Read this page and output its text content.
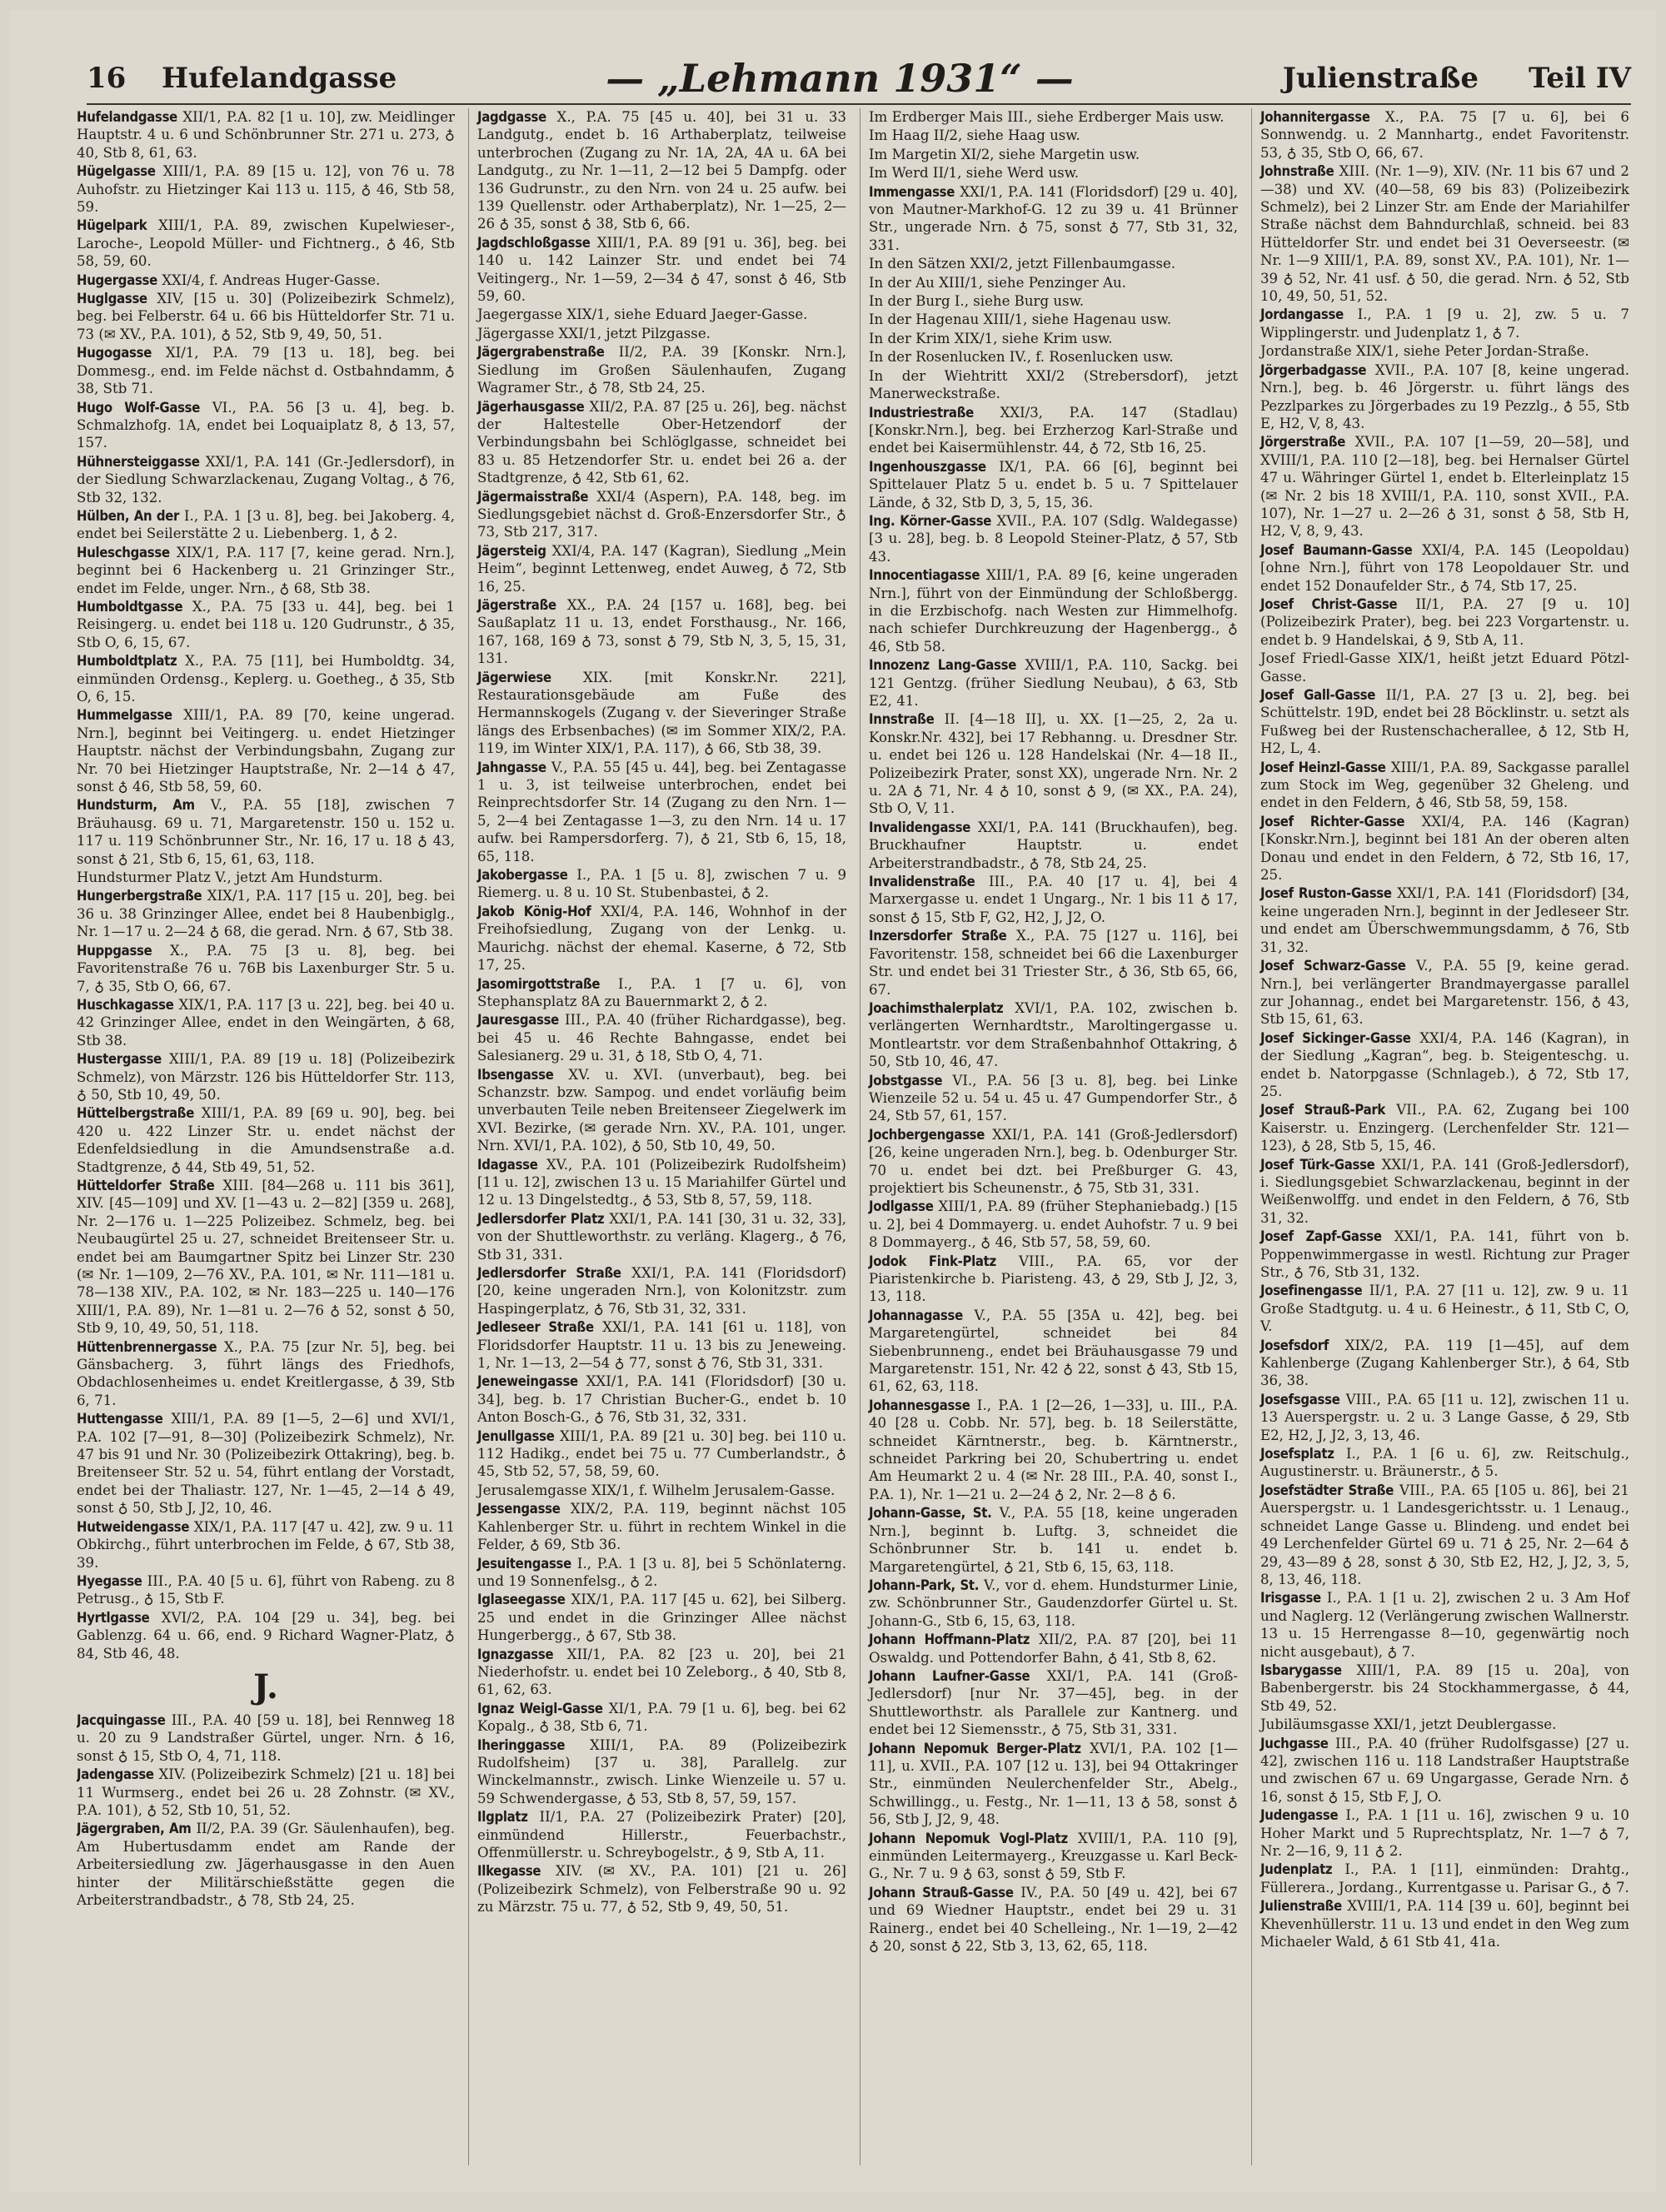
16	Hufelandgasse	— „Lehmann 1931“ —	Julienstraße Teil IV
Hufelandgasse XII/1, P.A. 82 [1 u. 10], zw. Meidlinger Hauptstr. 4 u. 6 und Schönbrunner Str. 271 u. 273, ♁ 40, Stb 8, 61, 63.
Hügelgasse XIII/1, P.A. 89 [15 u. 12], von 76 u. 78 Auhofstr. zu Hietzinger Kai 113 u. 115, ♁ 46, Stb 58, 59.
Hügelpark XIII/1, P.A. 89, zwischen Kupelwieser-, Laroche-, Leopold Müller- und Fichtnerg., ♁ 46, Stb 58, 59, 60.
Hugergasse XXI/4, f. Andreas Huger-Gasse.
Huglgasse XIV, [15 u. 30] (Polizeibezirk Schmelz), beg. bei Felberstr. 64 u. 66 bis Hütteldorfer Str. 71 u. 73 (✉ XV., P.A. 101), ♁ 52, Stb 9, 49, 50, 51.
Hugogasse XI/1, P.A. 79 [13 u. 18], beg. bei Dommesg., end. im Felde nächst d. Ostbahndamm, ♁ 38, Stb 71.
Hugo Wolf-Gasse VI., P.A. 56 [3 u. 4], beg. b. Schmalzhofg. 1A, endet bei Loquaiplatz 8, ♁ 13, 57, 157.
Hühnersteiggasse XXI/1, P.A. 141 (Gr.-Jedlersdorf), in der Siedlung Schwarzlackenau, Zugang Voltag., ♁ 76, Stb 32, 132.
Hülben, An der I., P.A. 1 [3 u. 8], beg. bei Jakoberg. 4, endet bei Seilerstätte 2 u. Liebenberg. 1, ♁ 2.
Huleschgasse XIX/1, P.A. 117 [7, keine gerad. Nrn.], beginnt bei 6 Hackenberg u. 21 Grinzinger Str., endet im Felde, unger. Nrn., ♁ 68, Stb 38.
Humboldtgasse X., P.A. 75 [33 u. 44], beg. bei 1 Reisingerg. u. endet bei 118 u. 120 Gudrunstr., ♁ 35, Stb O, 6, 15, 67.
Humboldtplatz X., P.A. 75 [11], bei Humboldtg. 34, einmünden Ordensg., Keplerg. u. Goetheg., ♁ 35, Stb O, 6, 15.
Hummelgasse XIII/1, P.A. 89 [70, keine ungerad. Nrn.], beginnt bei Veitingerg. u. endet Hietzinger Hauptstr. nächst der Verbindungsbahn, Zugang zur Nr. 70 bei Hietzinger Hauptstraße, Nr. 2—14 ♁ 47, sonst ♁ 46, Stb 58, 59, 60.
Hundsturm, Am V., P.A. 55 [18], zwischen 7 Bräuhausg. 69 u. 71, Margaretenstr. 150 u. 152 u. 117 u. 119 Schönbrunner Str., Nr. 16, 17 u. 18 ♁ 43, sonst ♁ 21, Stb 6, 15, 61, 63, 118.
Hundsturmer Platz V., jetzt Am Hundsturm.
Hungerbergstraße XIX/1, P.A. 117 [15 u. 20], beg. bei 36 u. 38 Grinzinger Allee, endet bei 8 Haubenbiglg., Nr. 1—17 u. 2—24 ♁ 68, die gerad. Nrn. ♁ 67, Stb 38.
Huppgasse X., P.A. 75 [3 u. 8], beg. bei Favoritenstraße 76 u. 76B bis Laxenburger Str. 5 u. 7, ♁ 35, Stb O, 66, 67.
Huschkagasse XIX/1, P.A. 117 [3 u. 22], beg. bei 40 u. 42 Grinzinger Allee, endet in den Weingärten, ♁ 68, Stb 38.
Hustergasse XIII/1, P.A. 89 [19 u. 18] (Polizeibezirk Schmelz), von Märzstr. 126 bis Hütteldorfer Str. 113, ♁ 50, Stb 10, 49, 50.
Hüttelbergstraße XIII/1, P.A. 89 [69 u. 90], beg. bei 420 u. 422 Linzer Str. u. endet nächst der Edenfeldsiedlung in die Amundsenstraße a.d. Stadtgrenze, ♁ 44, Stb 49, 51, 52.
Hütteldorfer Straße XIII. [84—268 u. 111 bis 361], XIV. [45—109] und XV. [1—43 u. 2—82] [359 u. 268], Nr. 2—176 u. 1—225 Polizeibez. Schmelz, beg. bei Neubaugürtel 25 u. 27, schneidet Breitenseer Str. u. endet bei am Baumgartner Spitz bei Linzer Str. 230 (✉ Nr. 1—109, 2—76 XV., P.A. 101, ✉ Nr. 111—181 u. 78—138 XIV., P.A. 102, ✉ Nr. 183—225 u. 140—176 XIII/1, P.A. 89), Nr. 1—81 u. 2—76 ♁ 52, sonst ♁ 50, Stb 9, 10, 49, 50, 51, 118.
Hüttenbrennergasse X., P.A. 75 [zur Nr. 5], beg. bei Gänsbacherg. 3, führt längs des Friedhofs, Obdachlosenheimes u. endet Kreitlergasse, ♁ 39, Stb 6, 71.
Huttengasse XIII/1, P.A. 89 [1—5, 2—6] und XVI/1, P.A. 102 [7—91, 8—30] (Polizeibezirk Schmelz), Nr. 47 bis 91 und Nr. 30 (Polizeibezirk Ottakring), beg. b. Breitenseer Str. 52 u. 54, führt entlang der Vorstadt, endet bei der Thaliastr. 127, Nr. 1—45, 2—14 ♁ 49, sonst ♁ 50, Stb J, J2, 10, 46.
Hutweidengasse XIX/1, P.A. 117 [47 u. 42], zw. 9 u. 11 Obkirchg., führt unterbrochen im Felde, ♁ 67, Stb 38, 39.
Hyegasse III., P.A. 40 [5 u. 6], führt von Rabeng. zu 8 Petrusg., ♁ 15, Stb F.
Hyrtlgasse XVI/2, P.A. 104 [29 u. 34], beg. bei Gablenzg. 64 u. 66, end. 9 Richard Wagner-Platz, ♁ 84, Stb 46, 48.
J.
Jacquingasse III., P.A. 40 [59 u. 18], bei Rennweg 18 u. 20 zu 9 Landstraßer Gürtel, unger. Nrn. ♁ 16, sonst ♁ 15, Stb O, 4, 71, 118.
Jadengasse XIV. (Polizeibezirk Schmelz) [21 u. 18] bei 11 Wurmserg., endet bei 26 u. 28 Zohnstr. (✉ XV., P.A. 101), ♁ 52, Stb 10, 51, 52.
Jägergraben, Am II/2, P.A. 39 (Gr. Säulenhaufen), beg. Am Hubertusdamm endet am Rande der Arbeitersiedlung zw. Jägerhausgasse in den Auen hinter der Militärschießstätte gegen die Arbeiterstrandbadstr., ♁ 78, Stb 24, 25.
Jagdgasse X., P.A. 75 [45 u. 40], bei 31 u. 33 Landgutg., endet b. 16 Arthaberplatz, teilweise unterbrochen (Zugang zu Nr. 1A, 2A, 4A u. 6A bei Landgutg., zu Nr. 1—11, 2—12 bei 5 Dampfg. oder 136 Gudrunstr., zu den Nrn. von 24 u. 25 aufw. bei 139 Quellenstr. oder Arthaberplatz), Nr. 1—25, 2—26 ♁ 35, sonst ♁ 38, Stb 6, 66.
Jagdschloßgasse XIII/1, P.A. 89 [91 u. 36], beg. bei 140 u. 142 Lainzer Str. und endet bei 74 Veitingerg., Nr. 1—59, 2—34 ♁ 47, sonst ♁ 46, Stb 59, 60.
Jaegergasse XIX/1, siehe Eduard Jaeger-Gasse.
Jägergasse XXI/1, jetzt Pilzgasse.
Jägergrabenstraße II/2, P.A. 39 [Konskr. Nrn.], Siedlung im Großen Säulenhaufen, Zugang Wagramer Str., ♁ 78, Stb 24, 25.
Jägerhausgasse XII/2, P.A. 87 [25 u. 26], beg. nächst der Haltestelle Ober-Hetzendorf der Verbindungsbahn bei Schlöglgasse, schneidet bei 83 u. 85 Hetzendorfer Str. u. endet bei 26 a. der Stadtgrenze, ♁ 42, Stb 61, 62.
Jägermaisstraße XXI/4 (Aspern), P.A. 148, beg. im Siedlungsgebiet nächst d. Groß-Enzersdorfer Str., ♁ 73, Stb 217, 317.
Jägersteig XXI/4, P.A. 147 (Kagran), Siedlung „Mein Heim“, beginnt Lettenweg, endet Auweg, ♁ 72, Stb 16, 25.
Jägerstraße XX., P.A. 24 [157 u. 168], beg. bei Saußaplatz 11 u. 13, endet Forsthausg., Nr. 166, 167, 168, 169 ♁ 73, sonst ♁ 79, Stb N, 3, 5, 15, 31, 131.
Jägerwiese XIX. [mit Konskr.Nr. 221], Restaurationsgebäude am Fuße des Hermannskogels (Zugang v. der Sieveringer Straße längs des Erbsenbaches) (✉ im Sommer XIX/2, P.A. 119, im Winter XIX/1, P.A. 117), ♁ 66, Stb 38, 39.
Jahngasse V., P.A. 55 [45 u. 44], beg. bei Zentagasse 1 u. 3, ist teilweise unterbrochen, endet bei Reinprechtsdorfer Str. 14 (Zugang zu den Nrn. 1—5, 2—4 bei Zentagasse 1—3, zu den Nrn. 14 u. 17 aufw. bei Rampersdorferg. 7), ♁ 21, Stb 6, 15, 18, 65, 118.
Jakobergasse I., P.A. 1 [5 u. 8], zwischen 7 u. 9 Riemerg. u. 8 u. 10 St. Stubenbastei, ♁ 2.
Jakob König-Hof XXI/4, P.A. 146, Wohnhof in der Freihofsiedlung, Zugang von der Lenkg. u. Maurichg. nächst der ehemal. Kaserne, ♁ 72, Stb 17, 25.
Jasomirgottstraße I., P.A. 1 [7 u. 6], von Stephansplatz 8A zu Bauernmarkt 2, ♁ 2.
Jauresgasse III., P.A. 40 (früher Richardgasse), beg. bei 45 u. 46 Rechte Bahngasse, endet bei Salesianerg. 29 u. 31, ♁ 18, Stb O, 4, 71.
Ibsengasse XV. u. XVI. (unverbaut), beg. bei Schanzstr. bzw. Sampog. und endet vorläufig beim unverbauten Teile neben Breitenseer Ziegelwerk im XVI. Bezirke, (✉ gerade Nrn. XV., P.A. 101, unger. Nrn. XVI/1, P.A. 102), ♁ 50, Stb 10, 49, 50.
Idagasse XV., P.A. 101 (Polizeibezirk Rudolfsheim) [11 u. 12], zwischen 13 u. 15 Mariahilfer Gürtel und 12 u. 13 Dingelstedtg., ♁ 53, Stb 8, 57, 59, 118.
Jedlersdorfer Platz XXI/1, P.A. 141 [30, 31 u. 32, 33], von der Shuttleworthstr. zu verläng. Klagerg., ♁ 76, Stb 31, 331.
Jedlersdorfer Straße XXI/1, P.A. 141 (Floridsdorf) [20, keine ungeraden Nrn.], von Kolonitzstr. zum Haspingerplatz, ♁ 76, Stb 31, 32, 331.
Jedleseer Straße XXI/1, P.A. 141 [61 u. 118], von Floridsdorfer Hauptstr. 11 u. 13 bis zu Jeneweing. 1, Nr. 1—13, 2—54 ♁ 77, sonst ♁ 76, Stb 31, 331.
Jeneweingasse XXI/1, P.A. 141 (Floridsdorf) [30 u. 34], beg. b. 17 Christian Bucher-G., endet b. 10 Anton Bosch-G., ♁ 76, Stb 31, 32, 331.
Jenullgasse XIII/1, P.A. 89 [21 u. 30] beg. bei 110 u. 112 Hadikg., endet bei 75 u. 77 Cumberlandstr., ♁ 45, Stb 52, 57, 58, 59, 60.
Jerusalemgasse XIX/1, f. Wilhelm Jerusalem-Gasse.
Jessengasse XIX/2, P.A. 119, beginnt nächst 105 Kahlenberger Str. u. führt in rechtem Winkel in die Felder, ♁ 69, Stb 36.
Jesuitengasse I., P.A. 1 [3 u. 8], bei 5 Schönlaterng. und 19 Sonnenfelsg., ♁ 2.
Iglaseegasse XIX/1, P.A. 117 [45 u. 62], bei Silberg. 25 und endet in die Grinzinger Allee nächst Hungerbergg., ♁ 67, Stb 38.
Ignazgasse XII/1, P.A. 82 [23 u. 20], bei 21 Niederhofstr. u. endet bei 10 Zeleborg., ♁ 40, Stb 8, 61, 62, 63.
Ignaz Weigl-Gasse XI/1, P.A. 79 [1 u. 6], beg. bei 62 Kopalg., ♁ 38, Stb 6, 71.
Iheringgasse XIII/1, P.A. 89 (Polizeibezirk Rudolfsheim) [37 u. 38], Parallelg. zur Winckelmannstr., zwisch. Linke Wienzeile u. 57 u. 59 Schwendergasse, ♁ 53, Stb 8, 57, 59, 157.
Ilgplatz II/1, P.A. 27 (Polizeibezirk Prater) [20], einmündend Hillerstr., Feuerbachstr., Offenmüllerstr. u. Schreybogelstr., ♁ 9, Stb A, 11.
Ilkegasse XIV. (✉ XV., P.A. 101) [21 u. 26] (Polizeibezirk Schmelz), von Felberstraße 90 u. 92 zu Märzstr. 75 u. 77, ♁ 52, Stb 9, 49, 50, 51.
Im Erdberger Mais III., siehe Erdberger Mais usw.
Im Haag II/2, siehe Haag usw.
Im Margetin XI/2, siehe Margetin usw.
Im Werd II/1, siehe Werd usw.
Immengasse XXI/1, P.A. 141 (Floridsdorf) [29 u. 40], von Mautner-Markhof-G. 12 zu 39 u. 41 Brünner Str., ungerade Nrn. ♁ 75, sonst ♁ 77, Stb 31, 32, 331.
In den Sätzen XXI/2, jetzt Fillenbaumgasse.
In der Au XIII/1, siehe Penzinger Au.
In der Burg I., siehe Burg usw.
In der Hagenau XIII/1, siehe Hagenau usw.
In der Krim XIX/1, siehe Krim usw.
In der Rosenlucken IV., f. Rosenlucken usw.
In der Wiehtritt XXI/2 (Strebersdorf), jetzt Manerweckstraße.
Industriestraße XXI/3, P.A. 147 (Stadlau) [Konskr.Nrn.], beg. bei Erzherzog Karl-Straße und endet bei Kaisermühlenstr. 44, ♁ 72, Stb 16, 25.
Ingenhouszgasse IX/1, P.A. 66 [6], beginnt bei Spittelauer Platz 5 u. endet b. 5 u. 7 Spittelauer Lände, ♁ 32, Stb D, 3, 5, 15, 36.
Ing. Körner-Gasse XVII., P.A. 107 (Sdlg. Waldegasse) [3 u. 28], beg. b. 8 Leopold Steiner-Platz, ♁ 57, Stb 43.
Innocentiagasse XIII/1, P.A. 89 [6, keine ungeraden Nrn.], führt von der Einmündung der Schloßbergg. in die Erzbischofg. nach Westen zur Himmelhofg. nach schiefer Durchkreuzung der Hagenbergg., ♁ 46, Stb 58.
Innozenz Lang-Gasse XVIII/1, P.A. 110, Sackg. bei 121 Gentzg. (früher Siedlung Neubau), ♁ 63, Stb E2, 41.
Innstraße II. [4—18 II], u. XX. [1—25, 2, 2a u. Konskr.Nr. 432], bei 17 Rebhanng. u. Dresdner Str. u. endet bei 126 u. 128 Handelskai (Nr. 4—18 II., Polizeibezirk Prater, sonst XX), ungerade Nrn. Nr. 2 u. 2A ♁ 71, Nr. 4 ♁ 10, sonst ♁ 9, (✉ XX., P.A. 24), Stb O, V, 11.
Invalidengasse XXI/1, P.A. 141 (Bruckhaufen), beg. Bruckhaufner Hauptstr. u. endet Arbeiterstrandbadstr., ♁ 78, Stb 24, 25.
Invalidenstraße III., P.A. 40 [17 u. 4], bei 4 Marxergasse u. endet 1 Ungarg., Nr. 1 bis 11 ♁ 17, sonst ♁ 15, Stb F, G2, H2, J, J2, O.
Inzersdorfer Straße X., P.A. 75 [127 u. 116], bei Favoritenstr. 158, schneidet bei 66 die Laxenburger Str. und endet bei 31 Triester Str., ♁ 36, Stb 65, 66, 67.
Joachimsthalerplatz XVI/1, P.A. 102, zwischen b. verlängerten Wernhardtstr., Maroltingergasse u. Montleartstr. vor dem Straßenbahnhof Ottakring, ♁ 50, Stb 10, 46, 47.
Jobstgasse VI., P.A. 56 [3 u. 8], beg. bei Linke Wienzeile 52 u. 54 u. 45 u. 47 Gumpendorfer Str., ♁ 24, Stb 57, 61, 157.
Jochbergengasse XXI/1, P.A. 141 (Groß-Jedlersdorf) [26, keine ungeraden Nrn.], beg. b. Odenburger Str. 70 u. endet bei dzt. bei Preßburger G. 43, projektiert bis Scheunenstr., ♁ 75, Stb 31, 331.
Jodlgasse XIII/1, P.A. 89 (früher Stephaniebadg.) [15 u. 2], bei 4 Dommayerg. u. endet Auhofstr. 7 u. 9 bei 8 Dommayerg., ♁ 46, Stb 57, 58, 59, 60.
Jodok Fink-Platz VIII., P.A. 65, vor der Piaristenkirche b. Piaristeng. 43, ♁ 29, Stb J, J2, 3, 13, 118.
Johannagasse V., P.A. 55 [35A u. 42], beg. bei Margaretengürtel, schneidet bei 84 Siebenbrunneng., endet bei Bräuhausgasse 79 und Margaretenstr. 151, Nr. 42 ♁ 22, sonst ♁ 43, Stb 15, 61, 62, 63, 118.
Johannesgasse I., P.A. 1 [2—26, 1—33], u. III., P.A. 40 [28 u. Cobb. Nr. 57], beg. b. 18 Seilerstätte, schneidet Kärntnerstr., beg. b. Kärntnerstr., schneidet Parkring bei 20, Schubertring u. endet Am Heumarkt 2 u. 4 (✉ Nr. 28 III., P.A. 40, sonst I., P.A. 1), Nr. 1—21 u. 2—24 ♁ 2, Nr. 2—8 ♁ 6.
Johann-Gasse, St. V., P.A. 55 [18, keine ungeraden Nrn.], beginnt b. Luftg. 3, schneidet die Schönbrunner Str. b. 141 u. endet b. Margaretengürtel, ♁ 21, Stb 6, 15, 63, 118.
Johann-Park, St. V., vor d. ehem. Hundsturmer Linie, zw. Schönbrunner Str., Gaudenzdorfer Gürtel u. St. Johann-G., Stb 6, 15, 63, 118.
Johann Hoffmann-Platz XII/2, P.A. 87 [20], bei 11 Oswaldg. und Pottendorfer Bahn, ♁ 41, Stb 8, 62.
Johann Laufner-Gasse XXI/1, P.A. 141 (Groß-Jedlersdorf) [nur Nr. 37—45], beg. in der Shuttleworthstr. als Parallele zur Kantnerg. und endet bei 12 Siemensstr., ♁ 75, Stb 31, 331.
Johann Nepomuk Berger-Platz XVI/1, P.A. 102 [1—11], u. XVII., P.A. 107 [12 u. 13], bei 94 Ottakringer Str., einmünden Neulerchenfelder Str., Abelg., Schwillingg., u. Festg., Nr. 1—11, 13 ♁ 58, sonst ♁ 56, Stb J, J2, 9, 48.
Johann Nepomuk Vogl-Platz XVIII/1, P.A. 110 [9], einmünden Leitermayerg., Kreuzgasse u. Karl Beck-G., Nr. 7 u. 9 ♁ 63, sonst ♁ 59, Stb F.
Johann Strauß-Gasse IV., P.A. 50 [49 u. 42], bei 67 und 69 Wiedner Hauptstr., endet bei 29 u. 31 Rainerg., endet bei 40 Schelleing., Nr. 1—19, 2—42 ♁ 20, sonst ♁ 22, Stb 3, 13, 62, 65, 118.
Johannitergasse X., P.A. 75 [7 u. 6], bei 6 Sonnwendg. u. 2 Mannhartg., endet Favoritenstr. 53, ♁ 35, Stb O, 66, 67.
Johnstraße XIII. (Nr. 1—9), XIV. (Nr. 11 bis 67 und 2—38) und XV. (40—58, 69 bis 83) (Polizeibezirk Schmelz), bei 2 Linzer Str. am Ende der Mariahilfer Straße nächst dem Bahndurchlaß, schneid. bei 83 Hütteldorfer Str. und endet bei 31 Oeverseestr. (✉ Nr. 1—9 XIII/1, P.A. 89, sonst XV., P.A. 101), Nr. 1—39 ♁ 52, Nr. 41 usf. ♁ 50, die gerad. Nrn. ♁ 52, Stb 10, 49, 50, 51, 52.
Jordangasse I., P.A. 1 [9 u. 2], zw. 5 u. 7 Wipplingerstr. und Judenplatz 1, ♁ 7.
Jordanstraße XIX/1, siehe Peter Jordan-Straße.
Jörgerbadgasse XVII., P.A. 107 [8, keine ungerad. Nrn.], beg. b. 46 Jörgerstr. u. führt längs des Pezzlparkes zu Jörgerbades zu 19 Pezzlg., ♁ 55, Stb E, H2, V, 8, 43.
Jörgerstraße XVII., P.A. 107 [1—59, 20—58], und XVIII/1, P.A. 110 [2—18], beg. bei Hernalser Gürtel 47 u. Währinger Gürtel 1, endet b. Elterleinplatz 15 (✉ Nr. 2 bis 18 XVIII/1, P.A. 110, sonst XVII., P.A. 107), Nr. 1—27 u. 2—26 ♁ 31, sonst ♁ 58, Stb H, H2, V, 8, 9, 43.
Josef Baumann-Gasse XXI/4, P.A. 145 (Leopoldau) [ohne Nrn.], führt von 178 Leopoldauer Str. und endet 152 Donaufelder Str., ♁ 74, Stb 17, 25.
Josef Christ-Gasse II/1, P.A. 27 [9 u. 10] (Polizeibezirk Prater), beg. bei 223 Vorgartenstr. u. endet b. 9 Handelskai, ♁ 9, Stb A, 11.
Josef Friedl-Gasse XIX/1, heißt jetzt Eduard Pötzl-Gasse.
Josef Gall-Gasse II/1, P.A. 27 [3 u. 2], beg. bei Schüttelstr. 19D, endet bei 28 Böcklinstr. u. setzt als Fußweg bei der Rustenschacherallee, ♁ 12, Stb H, H2, L, 4.
Josef Heinzl-Gasse XIII/1, P.A. 89, Sackgasse parallel zum Stock im Weg, gegenüber 32 Gheleng. und endet in den Feldern, ♁ 46, Stb 58, 59, 158.
Josef Richter-Gasse XXI/4, P.A. 146 (Kagran) [Konskr.Nrn.], beginnt bei 181 An der oberen alten Donau und endet in den Feldern, ♁ 72, Stb 16, 17, 25.
Josef Ruston-Gasse XXI/1, P.A. 141 (Floridsdorf) [34, keine ungeraden Nrn.], beginnt in der Jedleseer Str. und endet am Überschwemmungsdamm, ♁ 76, Stb 31, 32.
Josef Schwarz-Gasse V., P.A. 55 [9, keine gerad. Nrn.], bei verlängerter Brandmayergasse parallel zur Johannag., endet bei Margaretenstr. 156, ♁ 43, Stb 15, 61, 63.
Josef Sickinger-Gasse XXI/4, P.A. 146 (Kagran), in der Siedlung „Kagran“, beg. b. Steigenteschg. u. endet b. Natorpgasse (Schnlageb.), ♁ 72, Stb 17, 25.
Josef Strauß-Park VII., P.A. 62, Zugang bei 100 Kaiserstr. u. Enzingerg. (Lerchenfelder Str. 121—123), ♁ 28, Stb 5, 15, 46.
Josef Türk-Gasse XXI/1, P.A. 141 (Groß-Jedlersdorf), i. Siedlungsgebiet Schwarzlackenau, beginnt in der Weißenwolffg. und endet in den Feldern, ♁ 76, Stb 31, 32.
Josef Zapf-Gasse XXI/1, P.A. 141, führt von b. Poppenwimmergasse in westl. Richtung zur Prager Str., ♁ 76, Stb 31, 132.
Josefinengasse II/1, P.A. 27 [11 u. 12], zw. 9 u. 11 Große Stadtgutg. u. 4 u. 6 Heinestr., ♁ 11, Stb C, O, V.
Josefsdorf XIX/2, P.A. 119 [1—45], auf dem Kahlenberge (Zugang Kahlenberger Str.), ♁ 64, Stb 36, 38.
Josefsgasse VIII., P.A. 65 [11 u. 12], zwischen 11 u. 13 Auerspergstr. u. 2 u. 3 Lange Gasse, ♁ 29, Stb E2, H2, J, J2, 3, 13, 46.
Josefsplatz I., P.A. 1 [6 u. 6], zw. Reitschulg., Augustinerstr. u. Bräunerstr., ♁ 5.
Josefstädter Straße VIII., P.A. 65 [105 u. 86], bei 21 Auerspergstr. u. 1 Landesgerichtsstr. u. 1 Lenaug., schneidet Lange Gasse u. Blindeng. und endet bei 49 Lerchenfelder Gürtel 69 u. 71 ♁ 25, Nr. 2—64 ♁ 29, 43—89 ♁ 28, sonst ♁ 30, Stb E2, H2, J, J2, 3, 5, 8, 13, 46, 118.
Irisgasse I., P.A. 1 [1 u. 2], zwischen 2 u. 3 Am Hof und Naglerg. 12 (Verlängerung zwischen Wallnerstr. 13 u. 15 Herrengasse 8—10, gegenwärtig noch nicht ausgebaut), ♁ 7.
Isbarygasse XIII/1, P.A. 89 [15 u. 20a], von Babenbergerstr. bis 24 Stockhammergasse, ♁ 44, Stb 49, 52.
Jubiläumsgasse XXI/1, jetzt Deublergasse.
Juchgasse III., P.A. 40 (früher Rudolfsgasse) [27 u. 42], zwischen 116 u. 118 Landstraßer Hauptstraße und zwischen 67 u. 69 Ungargasse, Gerade Nrn. ♁ 16, sonst ♁ 15, Stb F, J, O.
Judengasse I., P.A. 1 [11 u. 16], zwischen 9 u. 10 Hoher Markt und 5 Ruprechtsplatz, Nr. 1—7 ♁ 7, Nr. 2—16, 9, 11 ♁ 2.
Judenplatz I., P.A. 1 [11], einmünden: Drahtg., Füllerera., Jordang., Kurrentgasse u. Parisar G., ♁ 7.
Julienstraße XVIII/1, P.A. 114 [39 u. 60], beginnt bei Khevenhüllerstr. 11 u. 13 und endet in den Weg zum Michaeler Wald, ♁ 61 Stb 41, 41a.
